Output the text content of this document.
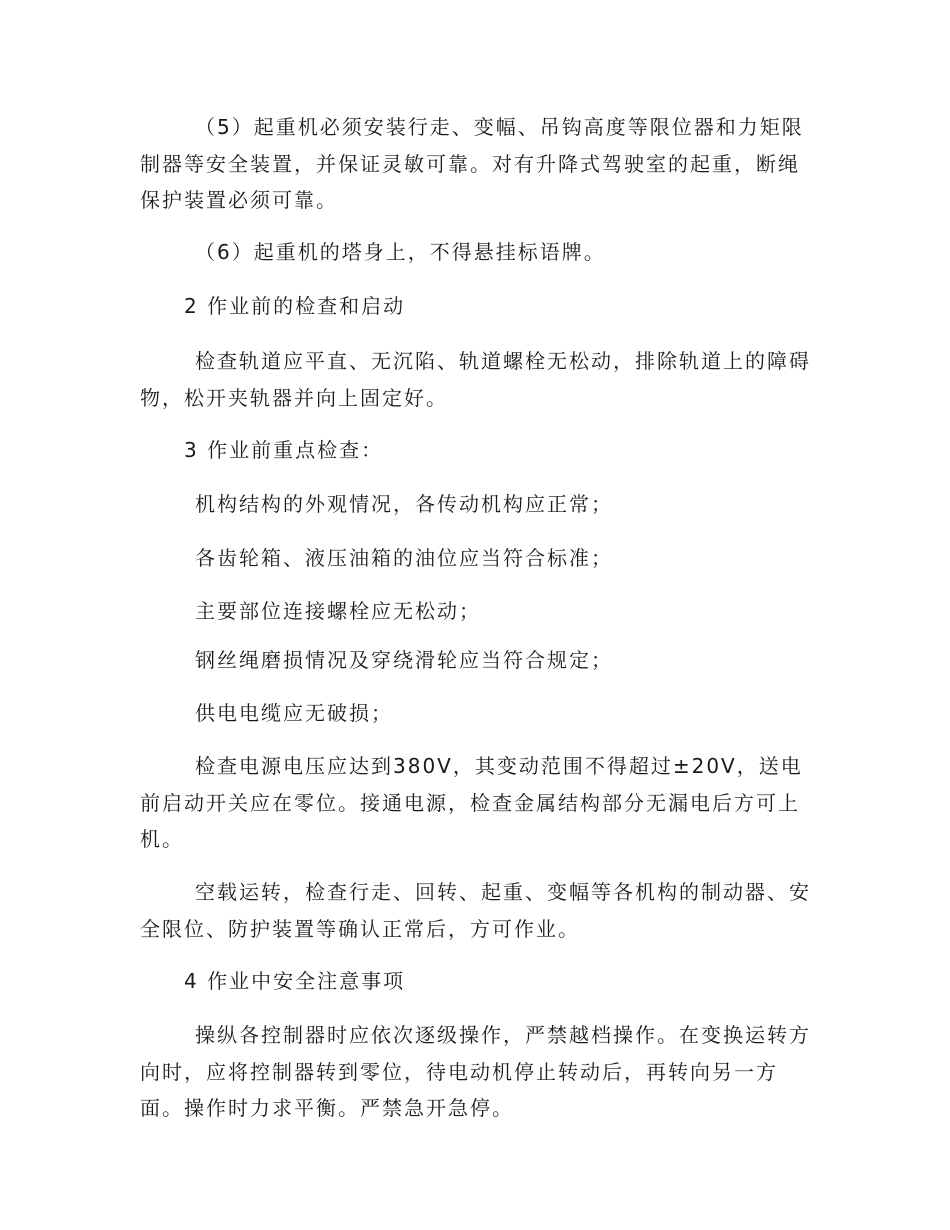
（5）起重机必须安装行走、变幅、吊钩高度等限位器和力矩限制器等安全装置，并保证灵敏可靠。对有升降式驾驶室的起重，断绳保护装置必须可靠。

（6）起重机的塔身上，不得悬挂标语牌。

2 作业前的检查和启动

检查轨道应平直、无沉陷、轨道螺栓无松动，排除轨道上的障碍物，松开夹轨器并向上固定好。

3 作业前重点检查：

机构结构的外观情况，各传动机构应正常；

各齿轮箱、液压油箱的油位应当符合标准；

主要部位连接螺栓应无松动；

钢丝绳磨损情况及穿绕滑轮应当符合规定；

供电电缆应无破损；

检查电源电压应达到380V，其变动范围不得超过±20V，送电前启动开关应在零位。接通电源，检查金属结构部分无漏电后方可上机。

空载运转，检查行走、回转、起重、变幅等各机构的制动器、安全限位、防护装置等确认正常后，方可作业。

4 作业中安全注意事项

操纵各控制器时应依次逐级操作，严禁越档操作。在变换运转方向时，应将控制器转到零位，待电动机停止转动后，再转向另一方面。操作时力求平衡。严禁急开急停。
